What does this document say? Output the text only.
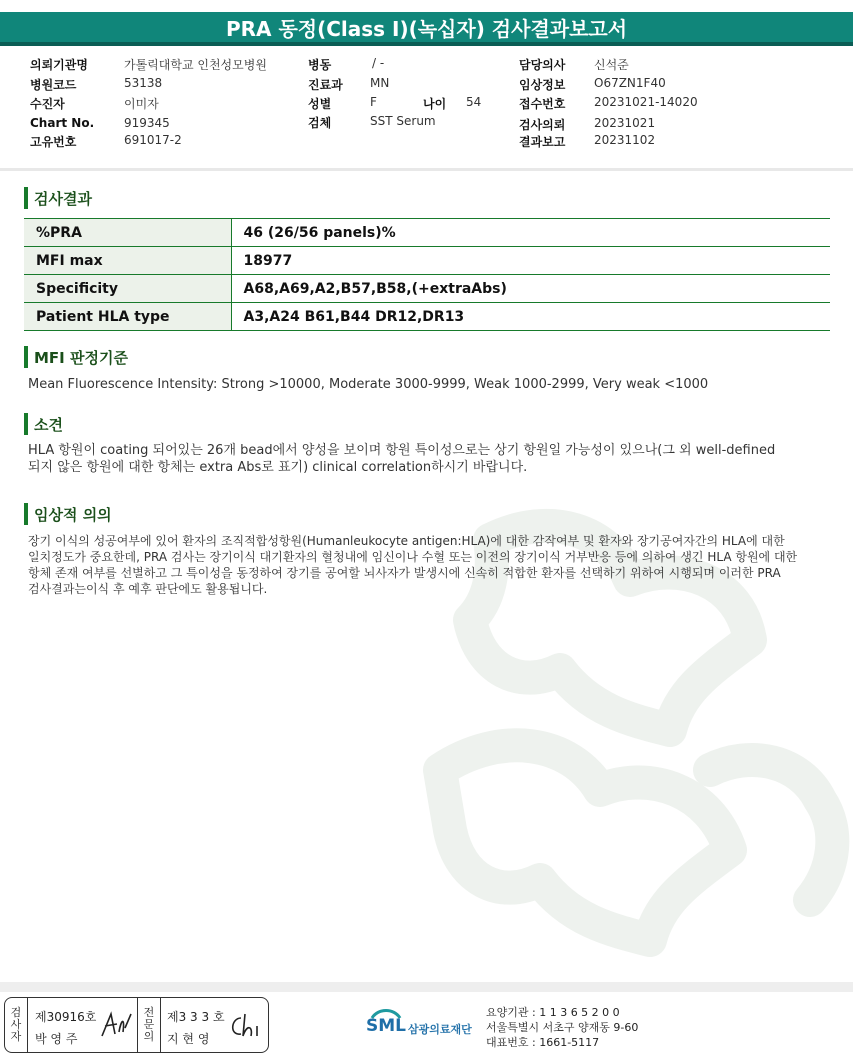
PRA 동정(Class I)(녹십자) 검사결과보고서
의뢰기관명	가톨릭대학교 인천성모병원
병원코드	53138
수진자	이미자
Chart No. 919345
고유번호	691017-2
병동	/ -
진료과 MN
성별	F	나이 54
검체	SST Serum
담당의사 신석준
임상정보 O67ZN1F40
접수번호 20231021-14020
검사의뢰 20231021
결과보고 20231102
검사결과
%PRA	46 (26/56 panels)%
MFI max	18977
Specificity	A68,A69,A2,B57,B58,(+extraAbs)
Patient HLA type	A3,A24 B61,B44 DR12,DR13
MFI 판정기준
Mean Fluorescence Intensity: Strong >10000, Moderate 3000-9999, Weak 1000-2999, Very weak <1000
소견
HLA 항원이 coating 되어있는 26개 bead에서 양성을 보이며 항원 특이성으로는 상기 항원일 가능성이 있으나(그 외 well-defined
되지 않은 항원에 대한 항체는 extra Abs로 표기) clinical correlation하시기 바랍니다.
임상적 의의
장기 이식의 성공여부에 있어 환자의 조직적합성항원(Humanleukocyte antigen:HLA)에 대한 감작여부 및 환자와 장기공여자간의 HLA에 대한
일치정도가 중요한데, PRA 검사는 장기이식 대기환자의 혈청내에 임신이나 수혈 또는 이전의 장기이식 거부반응 등에 의하여 생긴 HLA 항원에 대한
항체 존재 여부를 선별하고 그 특이성을 동정하여 장기를 공여할 뇌사자가 발생시에 신속히 적합한 환자를 선택하기 위하여 시행되며 이러한 PRA
검사결과는이식 후 예후 판단에도 활용됩니다.
검
사
자
제30916호
박 영 주
전
문
의
제3 3 3 호
지 현 영
SML 삼광의료재단
요양기관 : 1 1 3 6 5 2 0 0
서울특별시 서초구 양재동 9-60
대표번호 : 1661-5117
